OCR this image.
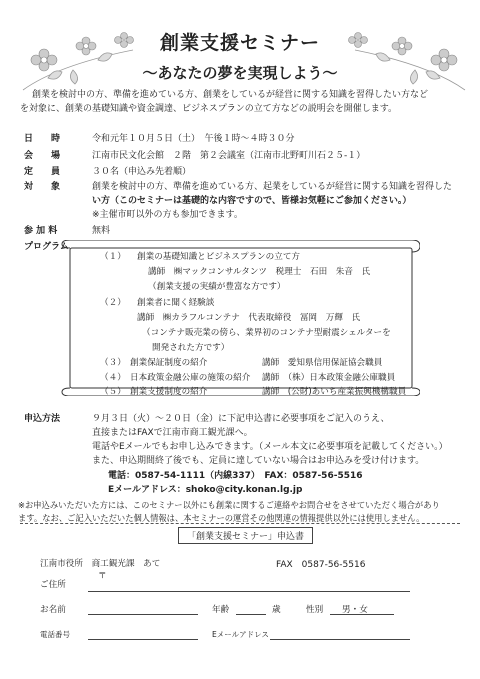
創業支援セミナー
～あなたの夢を実現しよう～
創業を検討中の方、準備を進めている方、創業をしているが経営に関する知識を習得したい方など
を対象に、創業の基礎知識や資金調達、ビジネスプランの立て方などの説明会を開催します。
日　　時	令和元年１０月５日（土）　午後１時～４時３０分
会　　場	江南市民文化会館　２階　第２会議室（江南市北野町川石２５-１）
定　　員	３０名（申込み先着順）
対　　象	創業を検討中の方、準備を進めている方、起業をしているが経営に関する知識を習得した
い方（このセミナーは基礎的な内容ですので、皆様お気軽にご参加ください。）
※主催市町以外の方も参加できます。
参 加 料	無料
プログラム
（１） 創業の基礎知識とビジネスプランの立て方
講師　㈱マックコンサルタンツ　税理士　石田　朱音　氏
（創業支援の実績が豊富な方です）
（２） 創業者に聞く経験談
講師　㈱カラフルコンテナ　代表取締役　冨岡　万輝　氏
（コンテナ販売業の傍ら、業界初のコンテナ型耐震シェルターを
開発された方です）
（３） 創業保証制度の紹介	講師　愛知県信用保証協会職員
（４） 日本政策金融公庫の施策の紹介 講師　（株）日本政策金融公庫職員
（５） 創業支援制度の紹介	講師　(公財)あいち産業振興機構職員
申込方法	９月３日（火）～２０日（金）に下記申込書に必要事項をご記入のうえ、
直接またはFAXで江南市商工観光課へ。
電話やEメールでもお申し込みできます。（メール本文に必要事項を記載してください。）
また、申込期間終了後でも、定員に達していない場合はお申込みを受け付けます。
電話：0587-54-1111（内線337）　FAX：0587-56-5516
Eメールアドレス：shoko@city.konan.lg.jp
※お申込みいただいた方には、このセミナー以外にも創業に関するご連絡やお問合せをさせていただく場合があり
ます。なお、ご記入いただいた個人情報は、本セミナーの運営その他関連の情報提供以外には使用しません。
「創業支援セミナー」申込書
江南市役所　商工観光課　あて	FAX　0587-56-5516
〒
ご住所
お名前	年齢	歳	性別 男・女
電話番号	Eメールアドレス
